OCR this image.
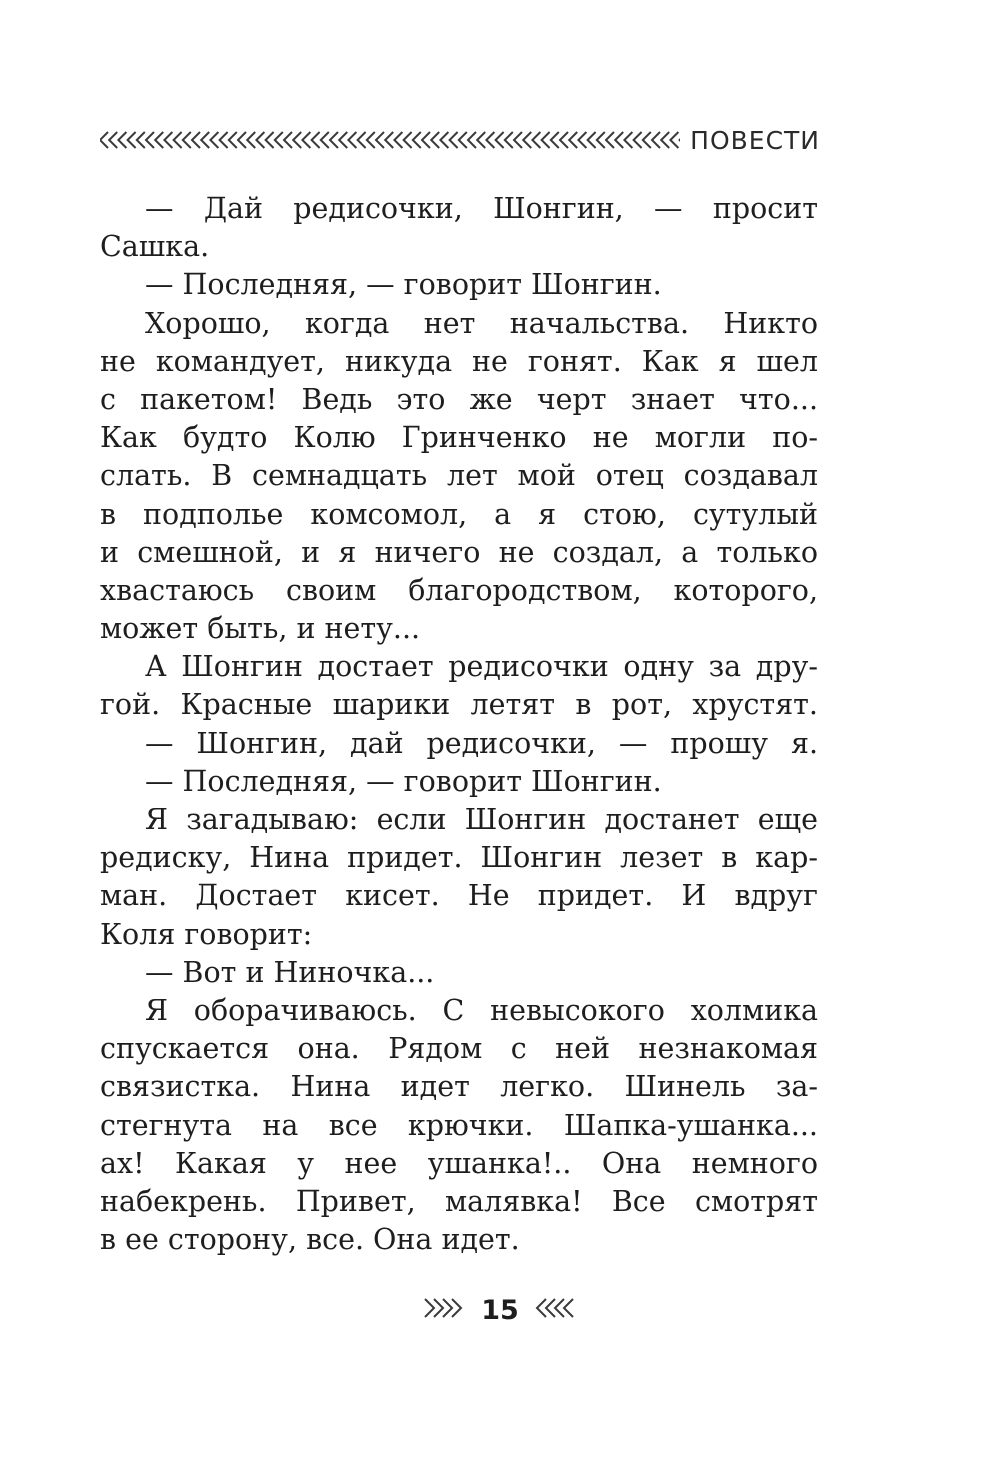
ПОВЕСТИ
— Дай редисочки, Шонгин, — просит
Сашка.
— Последняя, — говорит Шонгин.
Хорошо, когда нет начальства. Никто
не командует, никуда не гонят. Как я шел
с пакетом! Ведь это же черт знает что...
Как будто Колю Гринченко не могли по-
слать. В семнадцать лет мой отец создавал
в подполье комсомол, а я стою, сутулый
и смешной, и я ничего не создал, а только
хвастаюсь своим благородством, которого,
может быть, и нету...
А Шонгин достает редисочки одну за дру-
гой. Красные шарики летят в рот, хрустят.
— Шонгин, дай редисочки, — прошу я.
— Последняя, — говорит Шонгин.
Я загадываю: если Шонгин достанет еще
редиску, Нина придет. Шонгин лезет в кар-
ман. Достает кисет. Не придет. И вдруг
Коля говорит:
— Вот и Ниночка...
Я оборачиваюсь. С невысокого холмика
спускается она. Рядом с ней незнакомая
связистка. Нина идет легко. Шинель за-
стегнута на все крючки. Шапка-ушанка...
ах! Какая у нее ушанка!.. Она немного
набекрень. Привет, малявка! Все смотрят
в ее сторону, все. Она идет.
15
